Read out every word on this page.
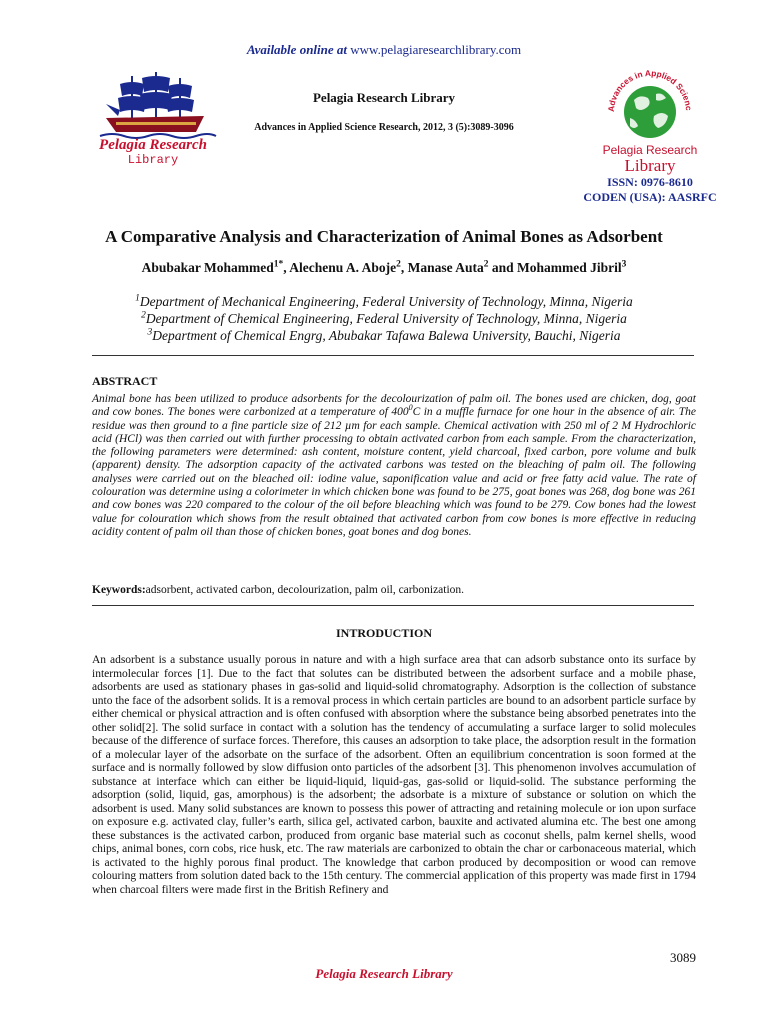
Available online at www.pelagiaresearchlibrary.com
Pelagia Research
Library
Pelagia Research Library
Advances in Applied Science Research, 2012, 3 (5):3089-3096
Advances in Applied Scienc
Pelagia Research
Library
ISSN: 0976-8610
CODEN (USA): AASRFC
A Comparative Analysis and Characterization of Animal Bones as Adsorbent
Abubakar Mohammed$^{1*}$, Alechenu A. Aboje$^2$, Manase Auta$^2$ and Mohammed Jibril$^3$
$^1$Department of Mechanical Engineering, Federal University of Technology, Minna, Nigeria
$^2$Department of Chemical Engineering, Federal University of Technology, Minna, Nigeria
$^3$Department of Chemical Engrg, Abubakar Tafawa Balewa University, Bauchi, Nigeria
ABSTRACT
Animal bone has been utilized to produce adsorbents for the decolourization of palm oil. The bones used are chicken, dog, goat and cow bones. The bones were carbonized at a temperature of $400^0C$ in a muffle furnace for one hour in the absence of air. The residue was then ground to a fine particle size of 212 µm for each sample. Chemical activation with 250 ml of 2 M Hydrochloric acid (HCl) was then carried out with further processing to obtain activated carbon from each sample. From the characterization, the following parameters were determined: ash content, moisture content, yield charcoal, fixed carbon, pore volume and bulk (apparent) density. The adsorption capacity of the activated carbons was tested on the bleaching of palm oil. The following analyses were carried out on the bleached oil: iodine value, saponification value and acid or free fatty acid value. The rate of colouration was determine using a colorimeter in which chicken bone was found to be 275, goat bones was 268, dog bone was 261 and cow bones was 220 compared to the colour of the oil before bleaching which was found to be 279. Cow bones had the lowest value for colouration which shows from the result obtained that activated carbon from cow bones is more effective in reducing acidity content of palm oil than those of chicken bones, goat bones and dog bones.
Keywords:adsorbent, activated carbon, decolourization, palm oil, carbonization.
INTRODUCTION
An adsorbent is a substance usually porous in nature and with a high surface area that can adsorb substance onto its surface by intermolecular forces [1]. Due to the fact that solutes can be distributed between the adsorbent surface and a mobile phase, adsorbents are used as stationary phases in gas-solid and liquid-solid chromatography. Adsorption is the collection of substance unto the face of the adsorbent solids. It is a removal process in which certain particles are bound to an adsorbent particle surface by either chemical or physical attraction and is often confused with absorption where the substance being absorbed penetrates into the other solid[2]. The solid surface in contact with a solution has the tendency of accumulating a surface larger to solid molecules because of the difference of surface forces. Therefore, this causes an adsorption to take place, the adsorption result in the formation of a molecular layer of the adsorbate on the surface of the adsorbent. Often an equilibrium concentration is soon formed at the surface and is normally followed by slow diffusion onto particles of the adsorbent [3]. This phenomenon involves accumulation of substance at interface which can either be liquid-liquid, liquid-gas, gas-solid or liquid-solid. The substance performing the adsorption (solid, liquid, gas, amorphous) is the adsorbent; the adsorbate is a mixture of substance or solution on which the adsorbent is used. Many solid substances are known to possess this power of attracting and retaining molecule or ion upon surface on exposure e.g. activated clay, fuller’s earth, silica gel, activated carbon, bauxite and activated alumina etc. The best one among these substances is the activated carbon, produced from organic base material such as coconut shells, palm kernel shells, wood chips, animal bones, corn cobs, rice husk, etc. The raw materials are carbonized to obtain the char or carbonaceous material, which is activated to the highly porous final product. The knowledge that carbon produced by decomposition or wood can remove colouring matters from solution dated back to the 15th century. The commercial application of this property was made first in 1794 when charcoal filters were made first in the British Refinery and
3089
Pelagia Research Library
